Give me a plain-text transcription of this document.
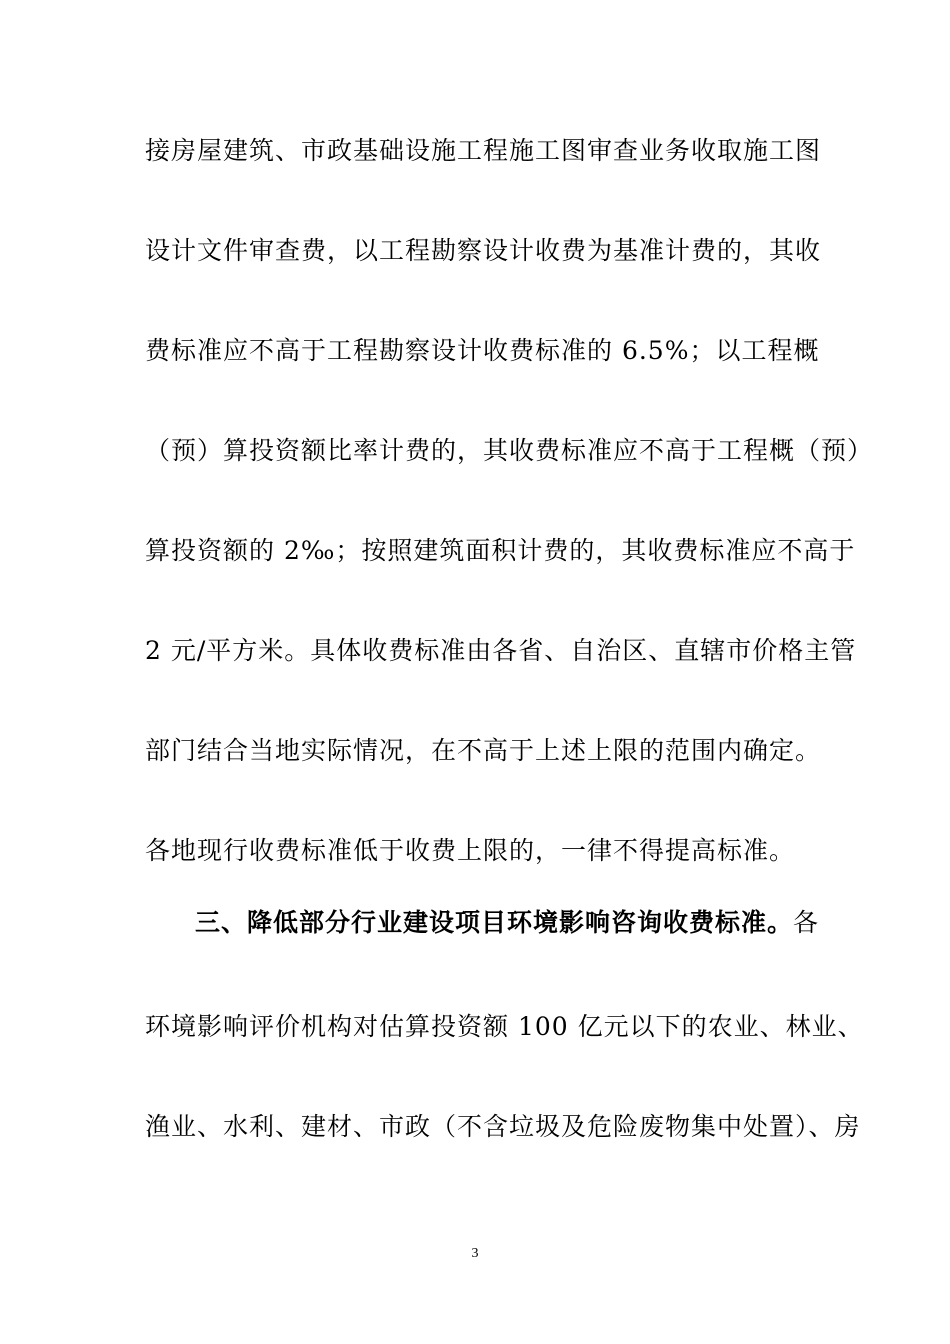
接房屋建筑、市政基础设施工程施工图审查业务收取施工图
设计文件审查费，以工程勘察设计收费为基准计费的，其收
费标准应不高于工程勘察设计收费标准的 6.5%；以工程概
（预）算投资额比率计费的，其收费标准应不高于工程概（预）
算投资额的 2‰；按照建筑面积计费的，其收费标准应不高于
2 元/平方米。具体收费标准由各省、自治区、直辖市价格主管
部门结合当地实际情况，在不高于上述上限的范围内确定。
各地现行收费标准低于收费上限的，一律不得提高标准。
三、降低部分行业建设项目环境影响咨询收费标准。各
环境影响评价机构对估算投资额 100 亿元以下的农业、林业、
渔业、水利、建材、市政（不含垃圾及危险废物集中处置）、房
3
